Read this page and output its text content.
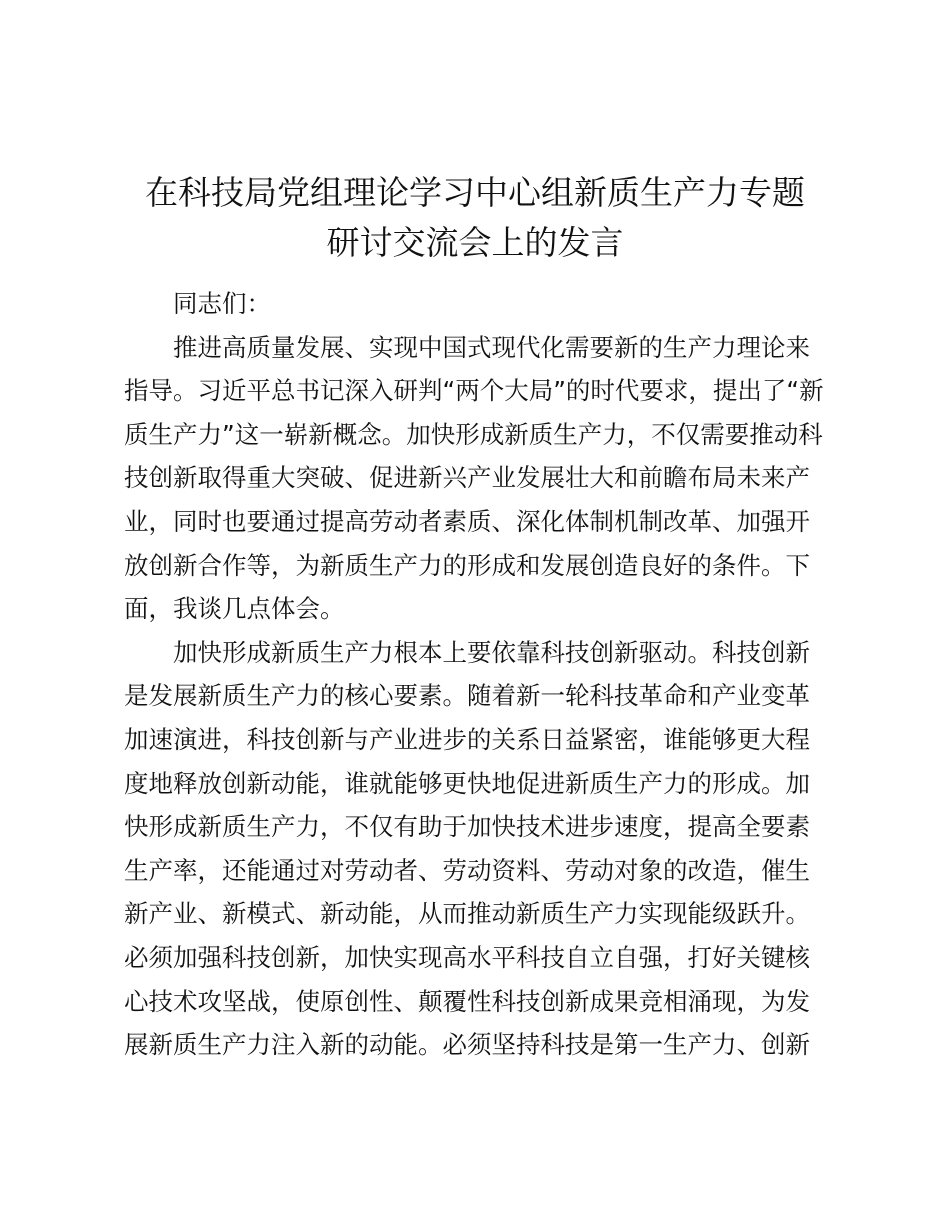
在科技局党组理论学习中心组新质生产力专题
研讨交流会上的发言
同志们：
推进高质量发展、实现中国式现代化需要新的生产力理论来
指导。习近平总书记深入研判“两个大局”的时代要求，提出了“新
质生产力”这一崭新概念。加快形成新质生产力，不仅需要推动科
技创新取得重大突破、促进新兴产业发展壮大和前瞻布局未来产
业，同时也要通过提高劳动者素质、深化体制机制改革、加强开
放创新合作等，为新质生产力的形成和发展创造良好的条件。下
面，我谈几点体会。
加快形成新质生产力根本上要依靠科技创新驱动。科技创新
是发展新质生产力的核心要素。随着新一轮科技革命和产业变革
加速演进，科技创新与产业进步的关系日益紧密，谁能够更大程
度地释放创新动能，谁就能够更快地促进新质生产力的形成。加
快形成新质生产力，不仅有助于加快技术进步速度，提高全要素
生产率，还能通过对劳动者、劳动资料、劳动对象的改造，催生
新产业、新模式、新动能，从而推动新质生产力实现能级跃升。
必须加强科技创新，加快实现高水平科技自立自强，打好关键核
心技术攻坚战，使原创性、颠覆性科技创新成果竞相涌现，为发
展新质生产力注入新的动能。必须坚持科技是第一生产力、创新
